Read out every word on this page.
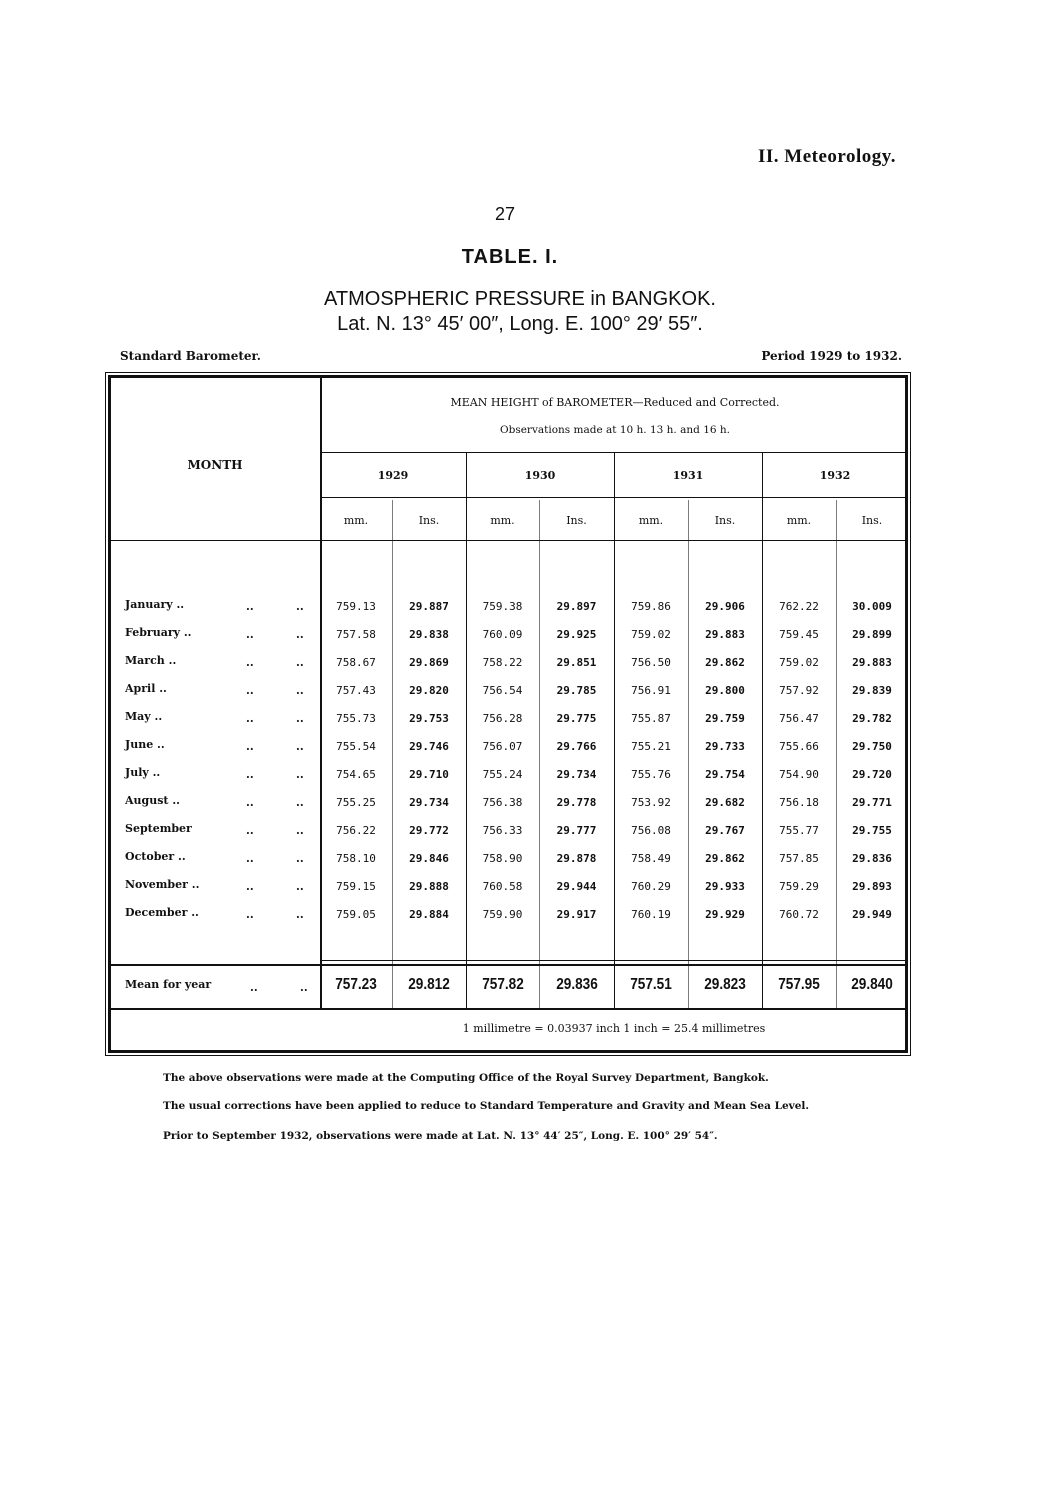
II. Meteorology.
27
TABLE. I.
ATMOSPHERIC PRESSURE in BANGKOK.
Lat. N. 13° 45′ 00″, Long. E. 100° 29′ 55″.
Standard Barometer.	Period 1929 to 1932.
MONTH
MEAN HEIGHT of BAROMETER—Reduced and Corrected.
Observations made at 10 h. 13 h. and 16 h.
1 millimetre = 0.03937 inch 1 inch = 25.4 millimetres
1929
mm.	Ins.
1930
mm.	Ins.
1931
mm.	Ins.
1932
mm.	Ins.
January ..	..	..	759.13	29.887	759.38	29.897	759.86	29.906	762.22	30.009
February ..	..	..	757.58	29.838	760.09	29.925	759.02	29.883	759.45	29.899
March ..	..	..	758.67	29.869	758.22	29.851	756.50	29.862	759.02	29.883
April ..	..	..	757.43	29.820	756.54	29.785	756.91	29.800	757.92	29.839
May ..	..	..	755.73	29.753	756.28	29.775	755.87	29.759	756.47	29.782
June ..	..	..	755.54	29.746	756.07	29.766	755.21	29.733	755.66	29.750
July ..	..	..	754.65	29.710	755.24	29.734	755.76	29.754	754.90	29.720
August ..	..	..	755.25	29.734	756.38	29.778	753.92	29.682	756.18	29.771
September	..	..	756.22	29.772	756.33	29.777	756.08	29.767	755.77	29.755
October ..	..	..	758.10	29.846	758.90	29.878	758.49	29.862	757.85	29.836
November ..	..	..	759.15	29.888	760.58	29.944	760.29	29.933	759.29	29.893
December ..	..	..	759.05	29.884	759.90	29.917	760.19	29.929	760.72	29.949
Mean for year	..	..	757.23	29.812	757.82	29.836	757.51	29.823	757.95	29.840
The above observations were made at the Computing Office of the Royal Survey Department, Bangkok.
The usual corrections have been applied to reduce to Standard Temperature and Gravity and Mean Sea Level.
Prior to September 1932, observations were made at Lat. N. 13° 44′ 25″, Long. E. 100° 29′ 54″.
